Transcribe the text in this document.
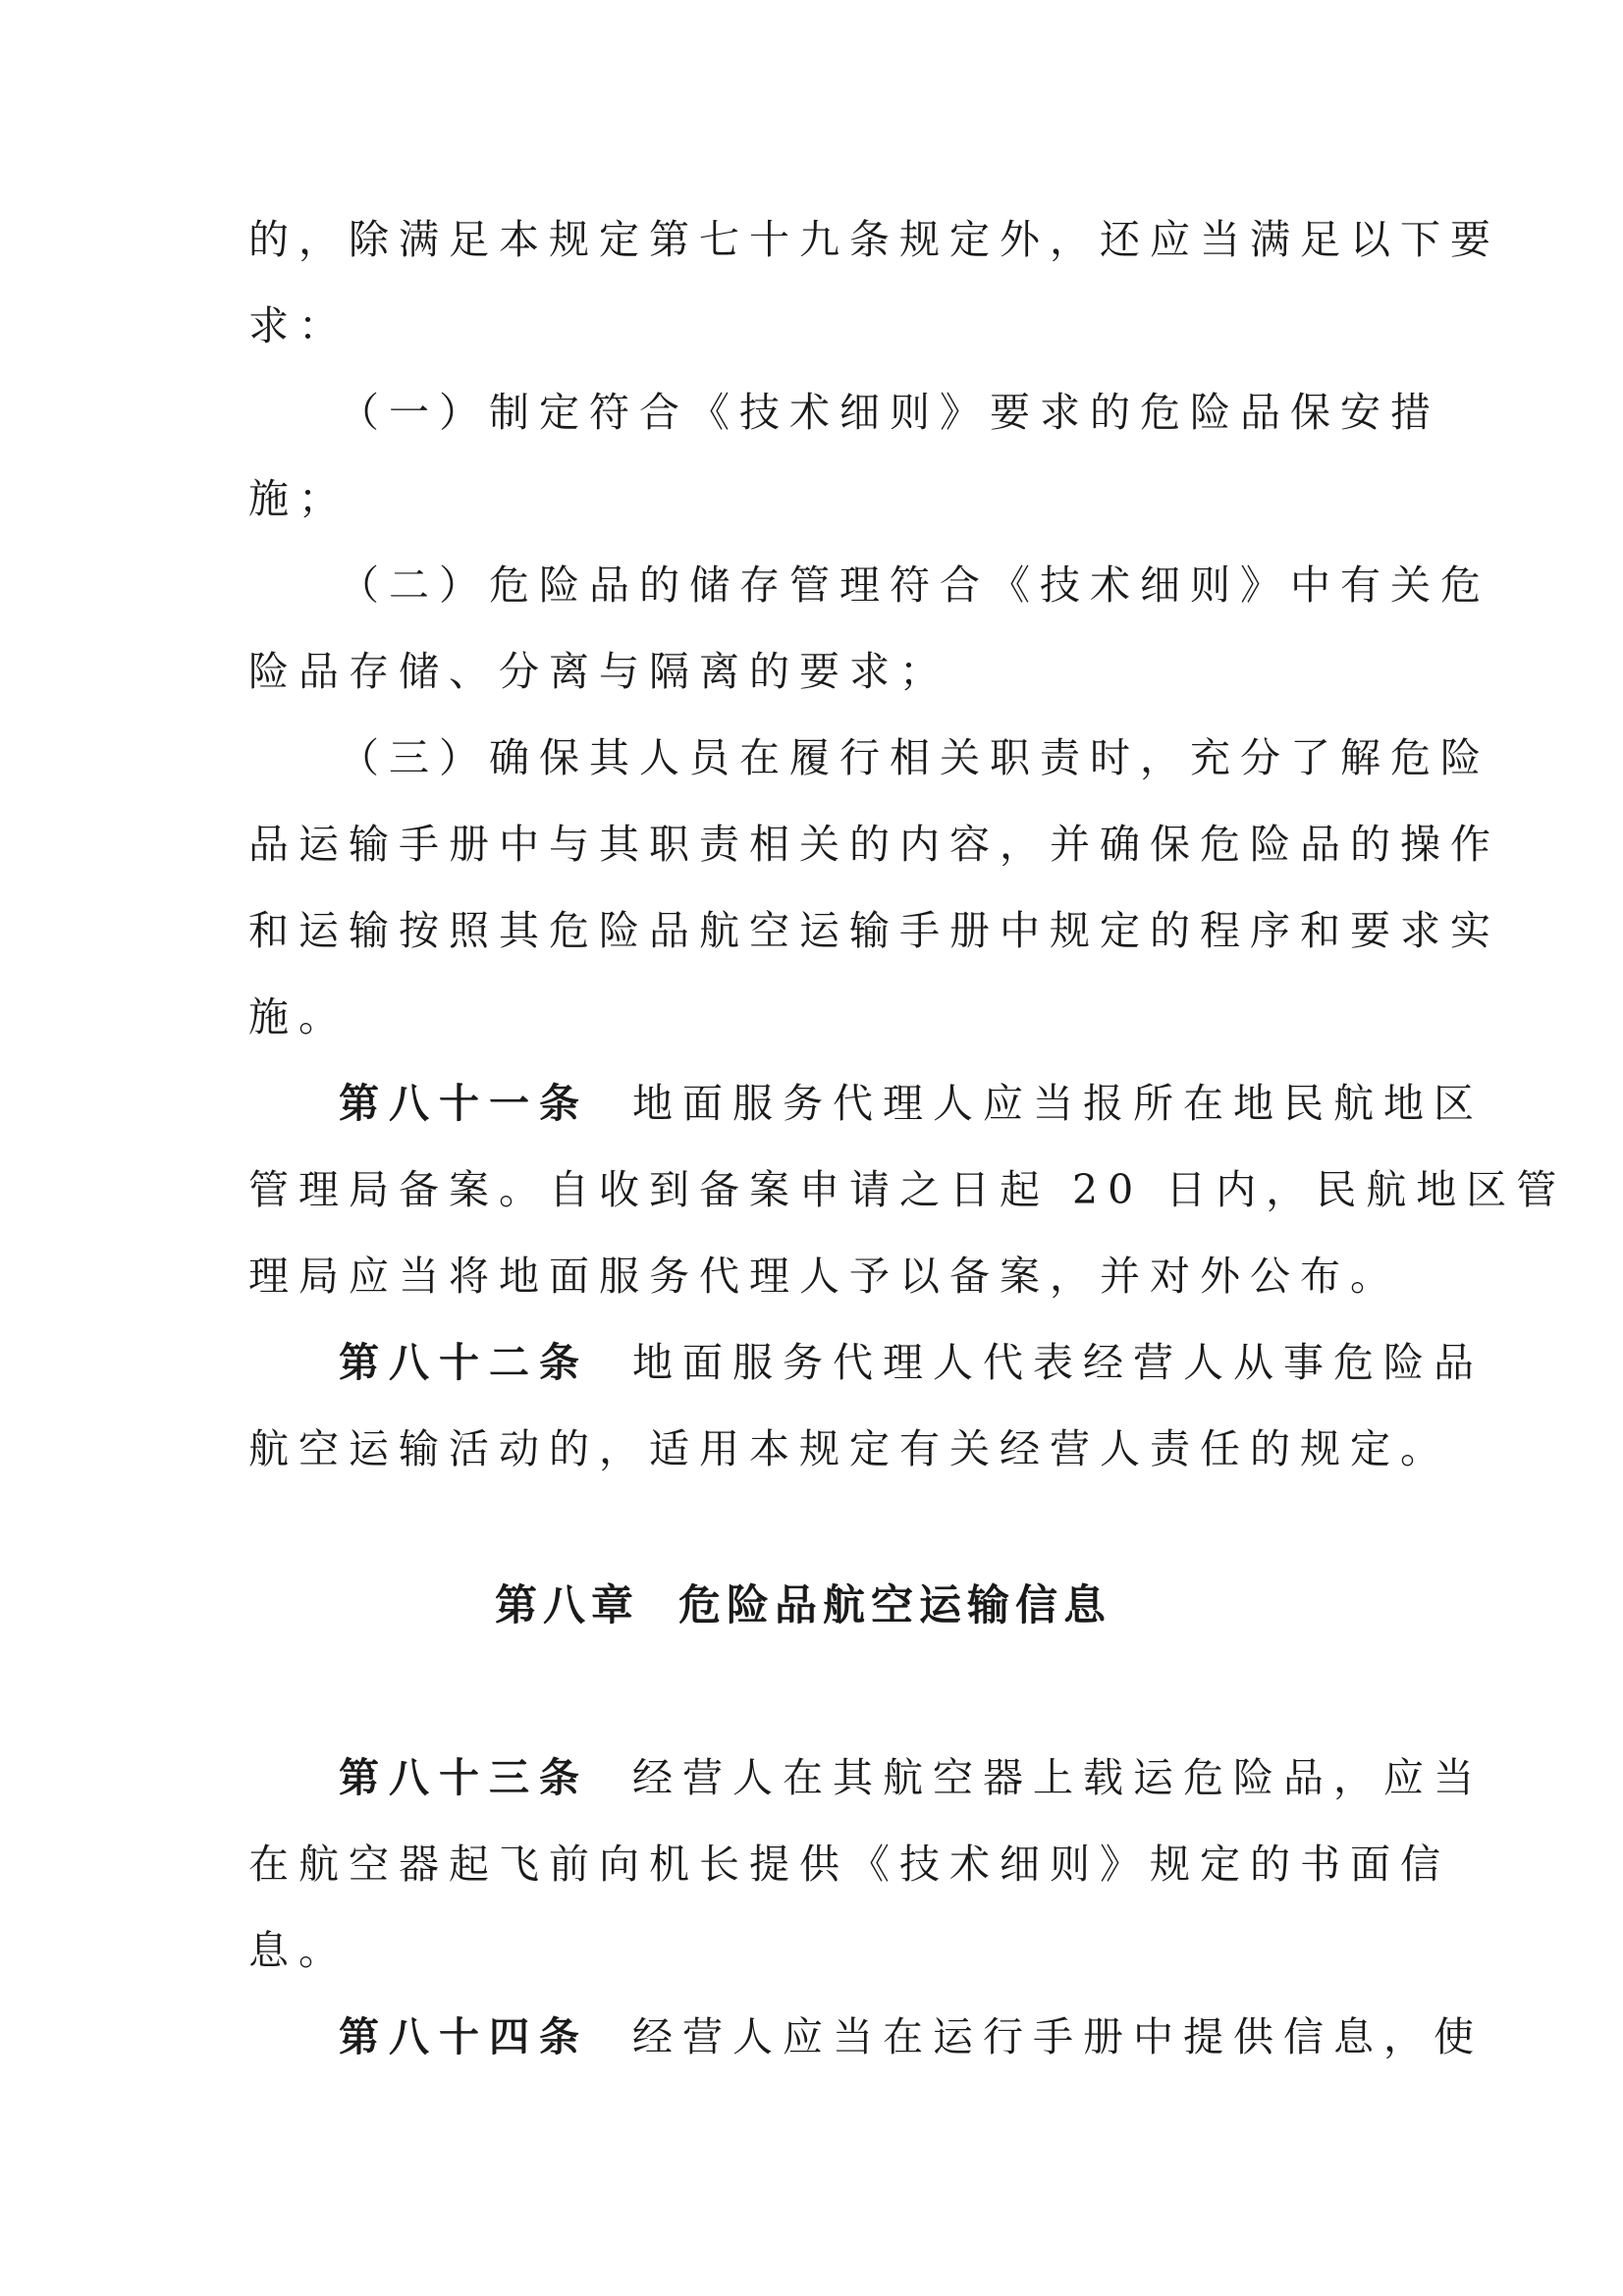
的，除满足本规定第七十九条规定外，还应当满足以下要
求：
（一）制定符合《技术细则》要求的危险品保安措
施；
（二）危险品的储存管理符合《技术细则》中有关危
险品存储、分离与隔离的要求；
（三）确保其人员在履行相关职责时，充分了解危险
品运输手册中与其职责相关的内容，并确保危险品的操作
和运输按照其危险品航空运输手册中规定的程序和要求实
施。
第八十一条 地面服务代理人应当报所在地民航地区
管理局备案。自收到备案申请之日起 20 日内，民航地区管
理局应当将地面服务代理人予以备案，并对外公布。
第八十二条 地面服务代理人代表经营人从事危险品
航空运输活动的，适用本规定有关经营人责任的规定。
第八章 危险品航空运输信息
第八十三条 经营人在其航空器上载运危险品，应当
在航空器起飞前向机长提供《技术细则》规定的书面信
息。
第八十四条 经营人应当在运行手册中提供信息，使
